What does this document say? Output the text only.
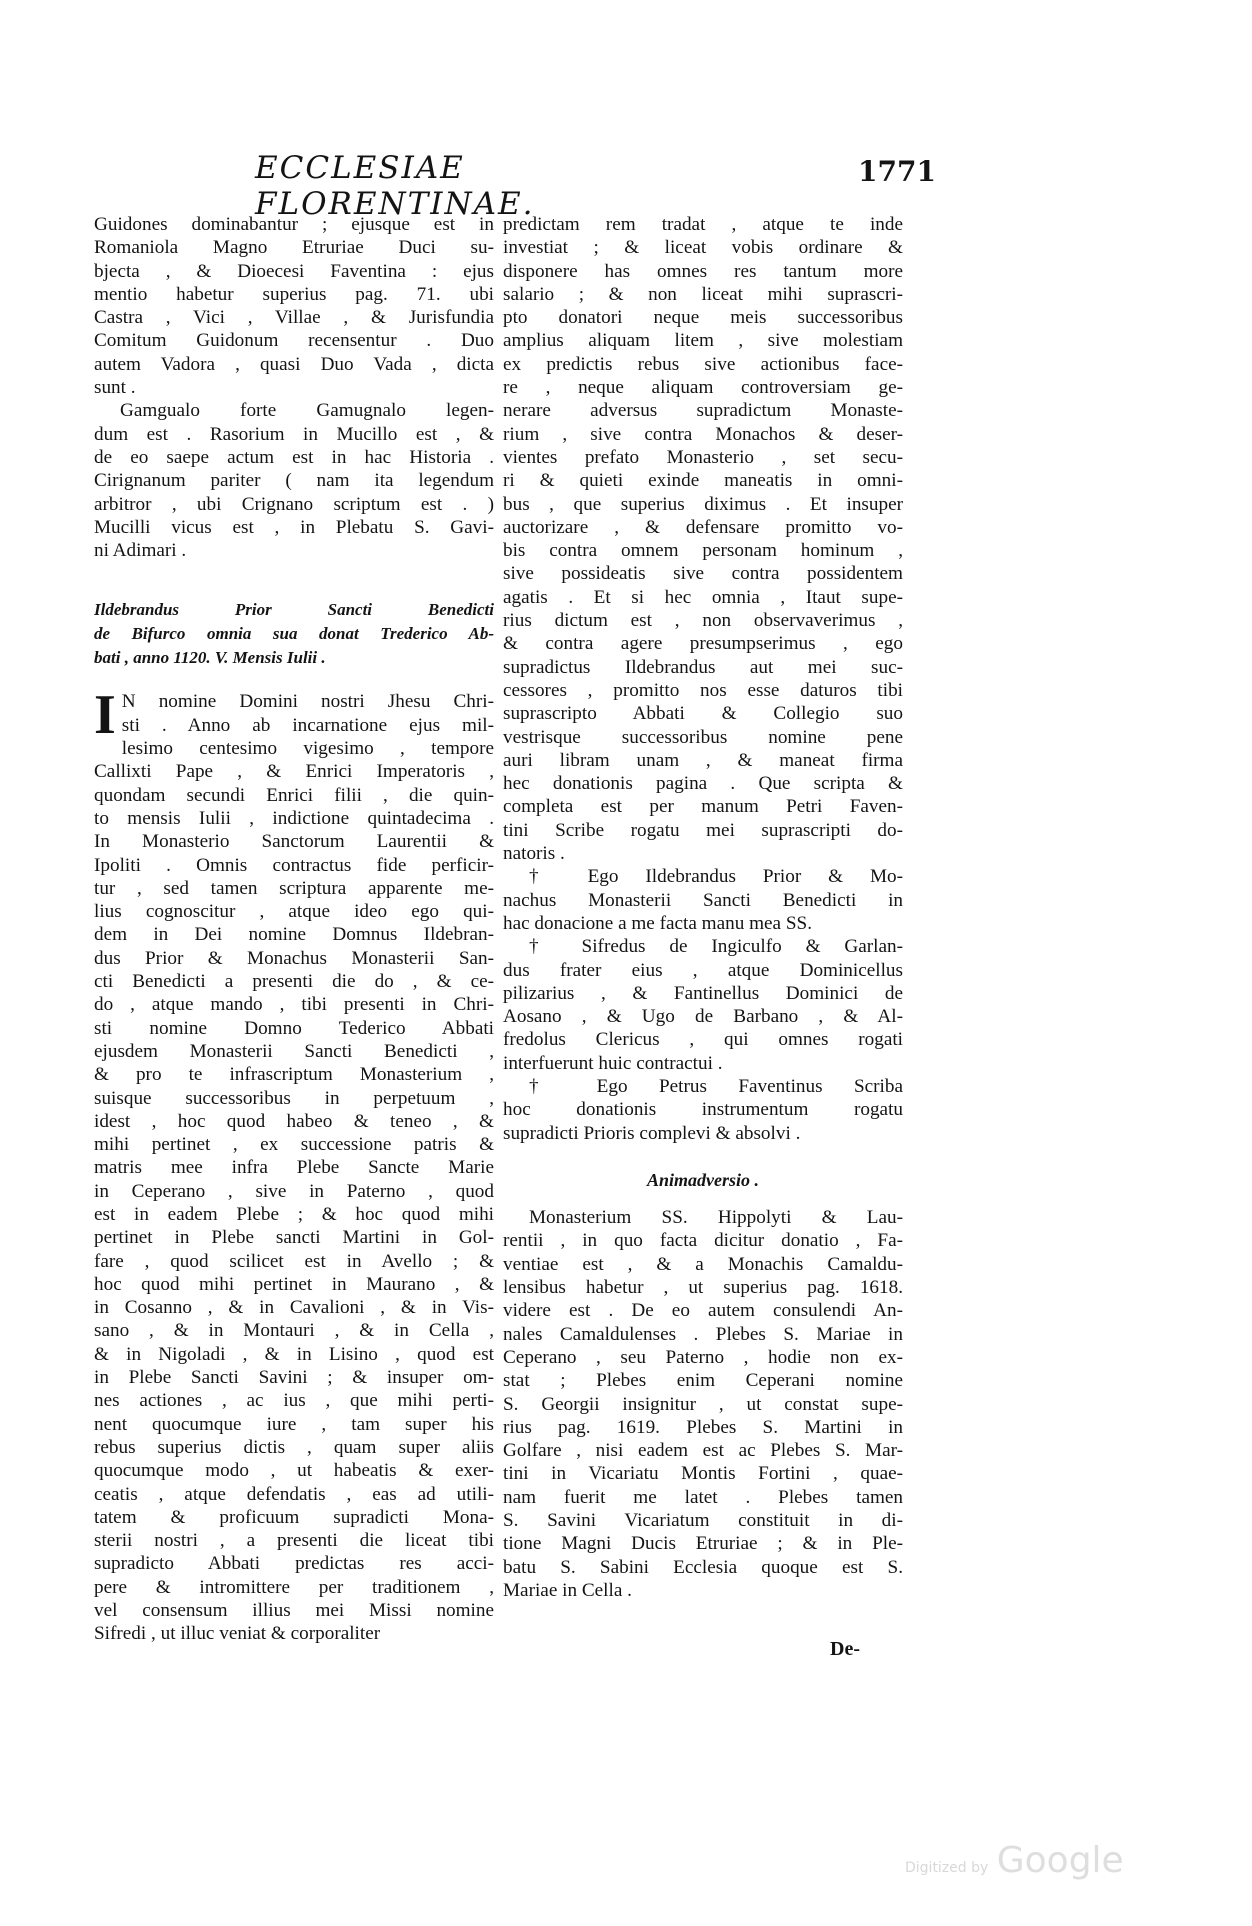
ECCLESIAE FLORENTINAE.
1771
Guidones dominabantur ; ejusque est in
Romaniola Magno Etruriae Duci su-
bjecta , & Dioecesi Faventina : ejus
mentio habetur superius pag. 71. ubi
Castra , Vici , Villae , & Jurisfundia
Comitum Guidonum recensentur . Duo
autem Vadora , quasi Duo Vada , dicta
sunt .
Gamgualo forte Gamugnalo legen-
dum est . Rasorium in Mucillo est , &
de eo saepe actum est in hac Historia .
Cirignanum pariter ( nam ita legendum
arbitror , ubi Crignano scriptum est . )
Mucilli vicus est , in Plebatu S. Gavi-
ni Adimari .
Ildebrandus Prior Sancti Benedicti
de Bifurco omnia sua donat Trederico Ab-
bati , anno 1120. V. Mensis Iulii .
I N nomine Domini nostri Jhesu Chri-
sti . Anno ab incarnatione ejus mil-
lesimo centesimo vigesimo , tempore
Callixti Pape , & Enrici Imperatoris ,
quondam secundi Enrici filii , die quin-
to mensis Iulii , indictione quintadecima .
In Monasterio Sanctorum Laurentii &
Ipoliti . Omnis contractus fide perficir-
tur , sed tamen scriptura apparente me-
lius cognoscitur , atque ideo ego qui-
dem in Dei nomine Domnus Ildebran-
dus Prior & Monachus Monasterii San-
cti Benedicti a presenti die do , & ce-
do , atque mando , tibi presenti in Chri-
sti nomine Domno Tederico Abbati
ejusdem Monasterii Sancti Benedicti ,
& pro te infrascriptum Monasterium ,
suisque successoribus in perpetuum ,
idest , hoc quod habeo & teneo , &
mihi pertinet , ex successione patris &
matris mee infra Plebe Sancte Marie
in Ceperano , sive in Paterno , quod
est in eadem Plebe ; & hoc quod mihi
pertinet in Plebe sancti Martini in Gol-
fare , quod scilicet est in Avello ; &
hoc quod mihi pertinet in Maurano , &
in Cosanno , & in Cavalioni , & in Vis-
sano , & in Montauri , & in Cella ,
& in Nigoladi , & in Lisino , quod est
in Plebe Sancti Savini ; & insuper om-
nes actiones , ac ius , que mihi perti-
nent quocumque iure , tam super his
rebus superius dictis , quam super aliis
quocumque modo , ut habeatis & exer-
ceatis , atque defendatis , eas ad utili-
tatem & proficuum supradicti Mona-
sterii nostri , a presenti die liceat tibi
supradicto Abbati predictas res acci-
pere & intromittere per traditionem ,
vel consensum illius mei Missi nomine
Sifredi , ut illuc veniat & corporaliter
predictam rem tradat , atque te inde
investiat ; & liceat vobis ordinare &
disponere has omnes res tantum more
salario ; & non liceat mihi suprascri-
pto donatori neque meis successoribus
amplius aliquam litem , sive molestiam
ex predictis rebus sive actionibus face-
re , neque aliquam controversiam ge-
nerare adversus supradictum Monaste-
rium , sive contra Monachos & deser-
vientes prefato Monasterio , set secu-
ri & quieti exinde maneatis in omni-
bus , que superius diximus . Et insuper
auctorizare , & defensare promitto vo-
bis contra omnem personam hominum ,
sive possideatis sive contra possidentem
agatis . Et si hec omnia , Itaut supe-
rius dictum est , non observaverimus ,
& contra agere presumpserimus , ego
supradictus Ildebrandus aut mei suc-
cessores , promitto nos esse daturos tibi
suprascripto Abbati & Collegio suo
vestrisque successoribus nomine pene
auri libram unam , & maneat firma
hec donationis pagina . Que scripta &
completa est per manum Petri Faven-
tini Scribe rogatu mei suprascripti do-
natoris .
† Ego Ildebrandus Prior & Mo-
nachus Monasterii Sancti Benedicti in
hac donacione a me facta manu mea SS.
† Sifredus de Ingiculfo & Garlan-
dus frater eius , atque Dominicellus
pilizarius , & Fantinellus Dominici de
Aosano , & Ugo de Barbano , & Al-
fredolus Clericus , qui omnes rogati
interfuerunt huic contractui .
† Ego Petrus Faventinus Scriba
hoc donationis instrumentum rogatu
supradicti Prioris complevi & absolvi .
Animadversio .
Monasterium SS. Hippolyti & Lau-
rentii , in quo facta dicitur donatio , Fa-
ventiae est , & a Monachis Camaldu-
lensibus habetur , ut superius pag. 1618.
videre est . De eo autem consulendi An-
nales Camaldulenses . Plebes S. Mariae in
Ceperano , seu Paterno , hodie non ex-
stat ; Plebes enim Ceperani nomine
S. Georgii insignitur , ut constat supe-
rius pag. 1619. Plebes S. Martini in
Golfare , nisi eadem est ac Plebes S. Mar-
tini in Vicariatu Montis Fortini , quae-
nam fuerit me latet . Plebes tamen
S. Savini Vicariatum constituit in di-
tione Magni Ducis Etruriae ; & in Ple-
batu S. Sabini Ecclesia quoque est S.
Mariae in Cella .
De-
Digitized by Google
